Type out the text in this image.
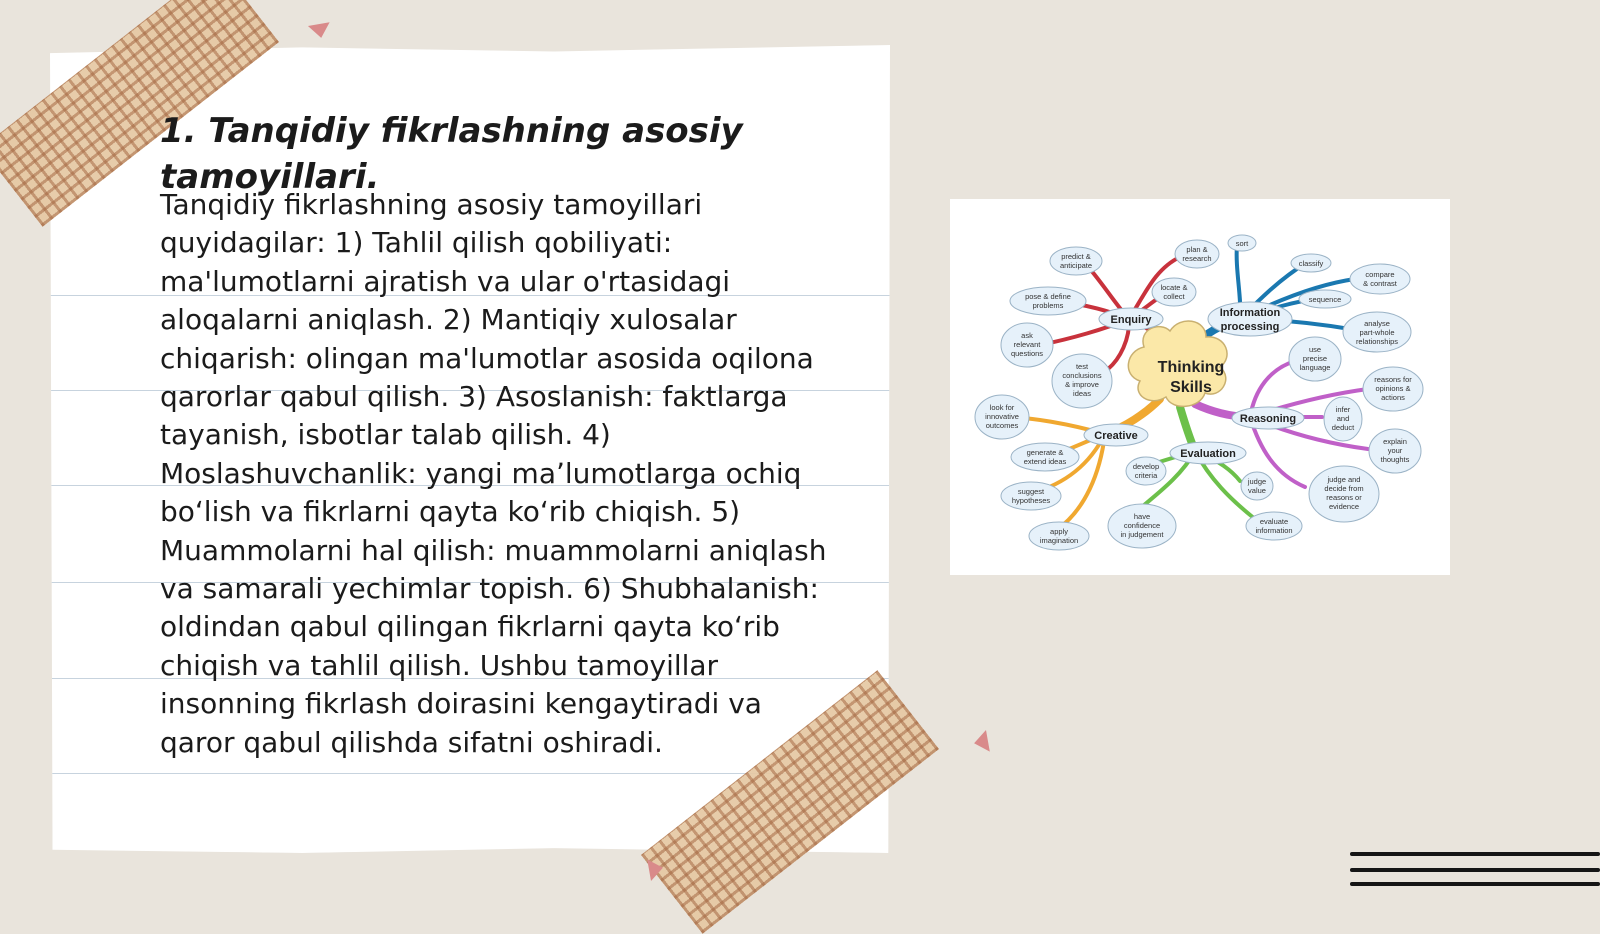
1. Tanqidiy fikrlashning asosiy tamoyillari.

Tanqidiy fikrlashning asosiy tamoyillari quyidagilar: 1) Tahlil qilish qobiliyati: ma'lumotlarni ajratish va ular o'rtasidagi aloqalarni aniqlash. 2) Mantiqiy xulosalar chiqarish: olingan ma'lumotlar asosida oqilona qarorlar qabul qilish. 3) Asoslanish: faktlarga tayanish, isbotlar talab qilish. 4) Moslashuvchanlik: yangi maʼlumotlarga ochiq boʻlish va fikrlarni qayta koʻrib chiqish. 5) Muammolarni hal qilish: muammolarni aniqlash va samarali yechimlar topish. 6) Shubhalanish: oldindan qabul qilingan fikrlarni qayta koʻrib chiqish va tahlil qilish. Ushbu tamoyillar insonning fikrlash doirasini kengaytiradi va qaror qabul qilishda sifatni oshiradi.

Thinking
Skills
Enquiry
Information
processing
Reasoning
Evaluation
Creative
predict &
anticipate
plan &
research
sort
classify
compare
& contrast
pose & define
problems
locate &
collect	sequence
analyse
part-whole
relationships
ask
relevant
questions
test
conclusions
& improve
ideas
use
precise
language
reasons for
opinions &
actions
look for
innovative
outcomes
infer
and
deduct
explain
your
thoughts
generate &
extend ideas
develop
criteria
judge
value
judge and
decide from
reasons or
evidence
suggest
hypotheses
have
confidence
in judgement
evaluate
information
apply
imagination
